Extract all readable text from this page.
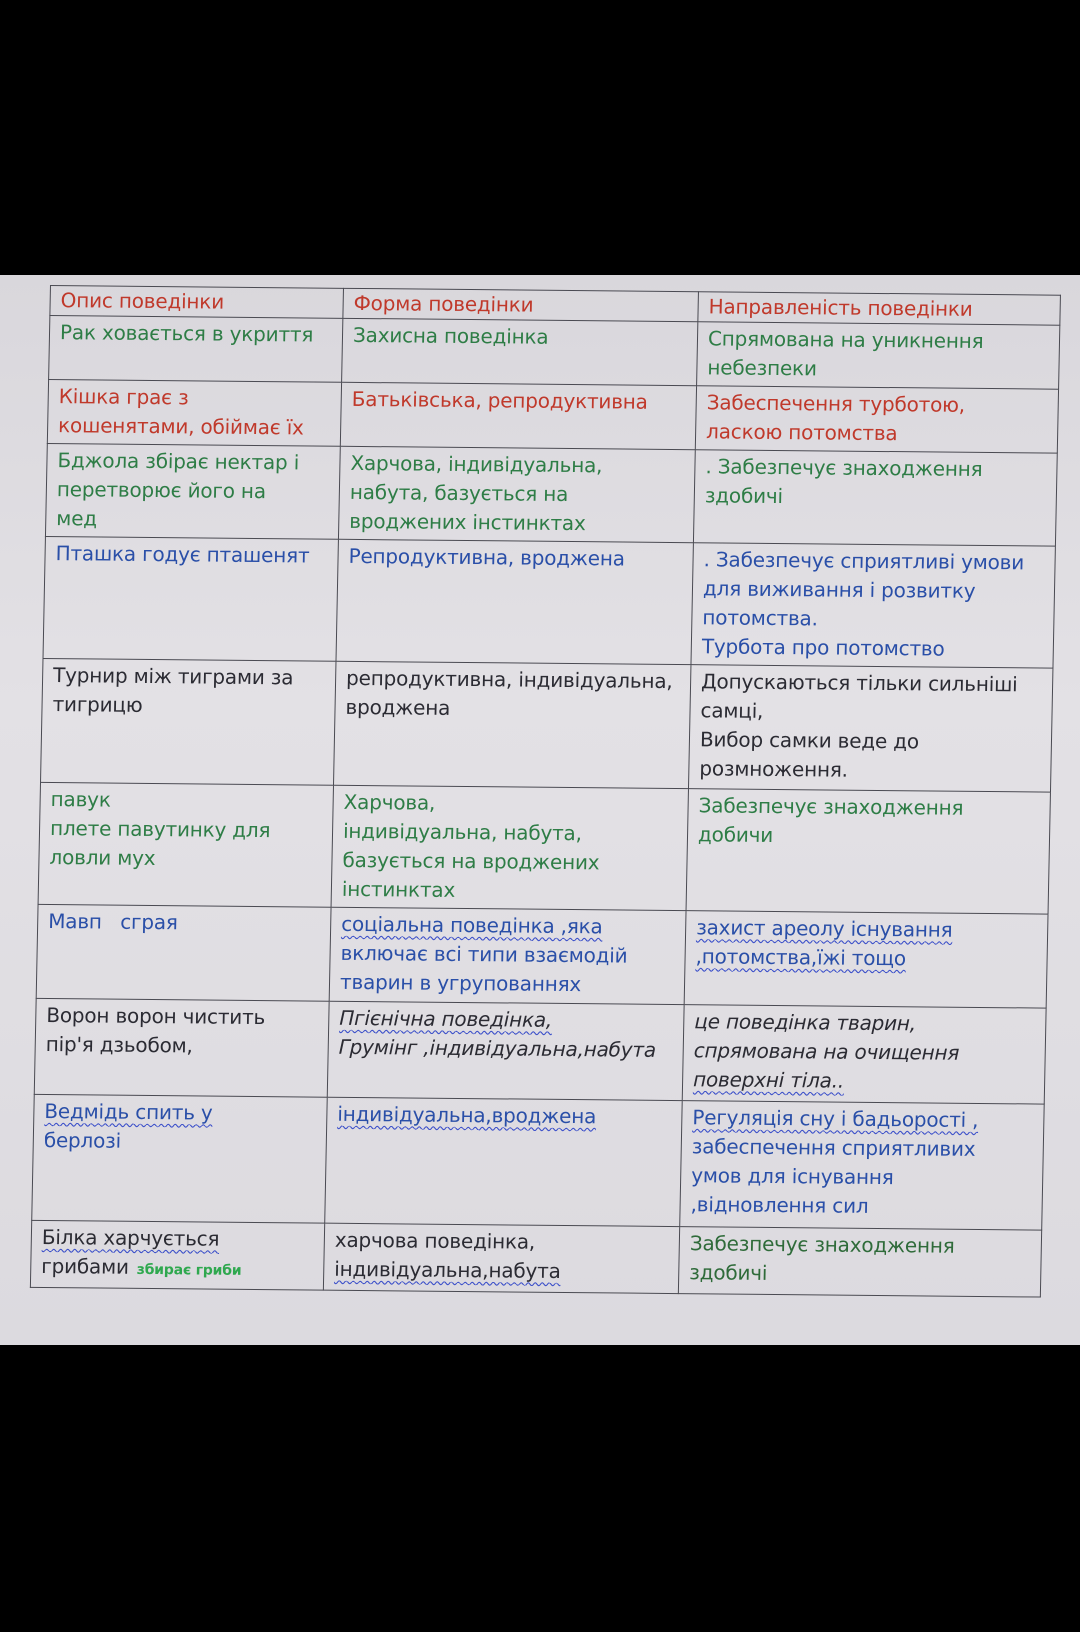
Опис поведінки	Форма поведінки	Направленість поведінки

Рак ховається в укриття	Захисна поведінка	Спрямована на уникнення
небезпеки

Кішка грає з
кошенятами, обіймає їх	Батьківська, репродуктивна	Забеспечення турботою,
ласкою потомства

Бджола збірає нектар і
перетворює його на
мед	Харчова, індивідуальна,
набута, базується на
вроджених інстинктах	. Забезпечує знаходження
здобичі

Пташка годує пташенят	Репродуктивна, вроджена	. Забезпечує сприятливі умови
для виживання і розвитку
потомства.
Турбота про потомство

Турнир між тиграми за
тигрицю	репродуктивна, індивідуальна,
вроджена	Допускаються тільки сильніші
самці,
Вибор самки веде до
розмноження.

павук
плете павутинку для
ловли мух	Харчова,
індивідуальна, набута,
базується на вроджених
інстинктах	Забезпечує знаходження
добичи

Мавп   сграя	соціальна поведінка ,яка
включає всі типи взаємодій
тварин в угрупованнях	захист ареолу існування
,потомства,їжі тощо

Ворон ворон чистить
пір'я дзьобом,	Пгієнічна поведінка,
Грумінг ,індивідуальна,набута	це поведінка тварин,
спрямована на очищення
поверхні тіла..

Ведмідь спить у
берлозі	індивідуальна,вроджена	Регуляція сну і бадьорості ,
забеспечення сприятливих
умов для існування
,відновлення сил

Білка харчується
грибами збирає гриби	харчова поведінка,
індивідуальна,набута	Забезпечує знаходження
здобичі
